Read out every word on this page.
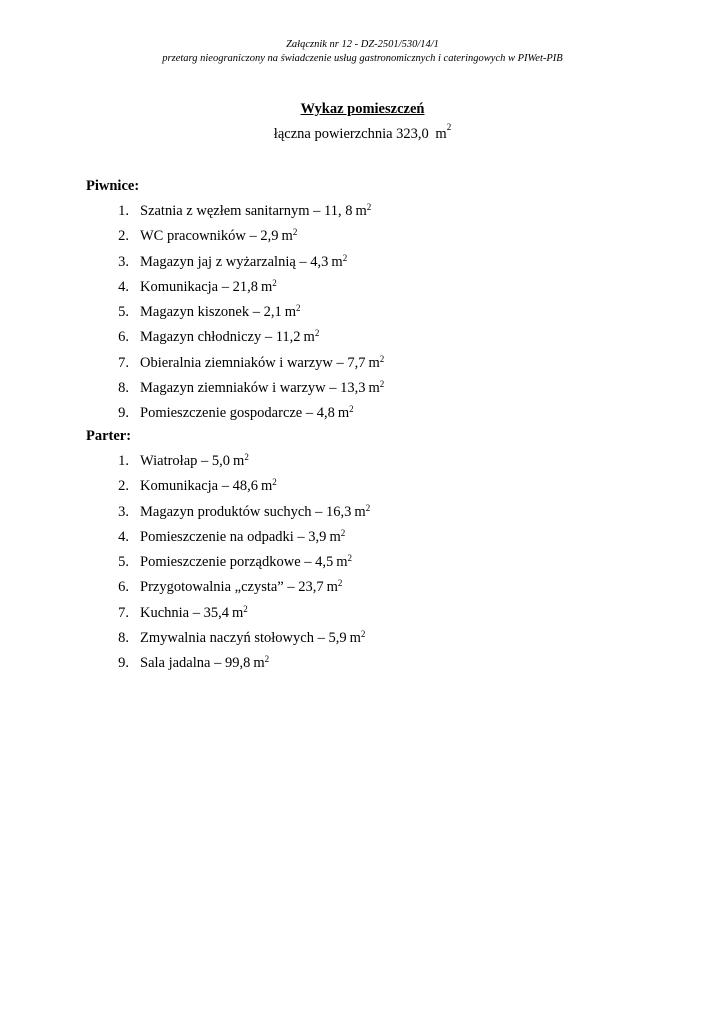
Załącznik nr 12 - DZ-2501/530/14/1
przetarg nieograniczony na świadczenie usług gastronomicznych i cateringowych w PIWet-PIB
Wykaz pomieszczeń
łączna powierzchnia 323,0 $m^2$
Piwnice:
1. Szatnia z węzłem sanitarnym – 11, 8 $m^2$
2. WC pracowników – 2,9 $m^2$
3. Magazyn jaj z wyżarzalnią – 4,3 $m^2$
4. Komunikacja – 21,8 $m^2$
5. Magazyn kiszonek – 2,1 $m^2$
6. Magazyn chłodniczy – 11,2 $m^2$
7. Obieralnia ziemniaków i warzyw – 7,7 $m^2$
8. Magazyn ziemniaków i warzyw – 13,3 $m^2$
9. Pomieszczenie gospodarcze – 4,8 $m^2$
Parter:
1. Wiatrołap – 5,0 $m^2$
2. Komunikacja – 48,6 $m^2$
3. Magazyn produktów suchych – 16,3 $m^2$
4. Pomieszczenie na odpadki – 3,9 $m^2$
5. Pomieszczenie porządkowe – 4,5 $m^2$
6. Przygotowalnia „czysta” – 23,7 $m^2$
7. Kuchnia – 35,4 $m^2$
8. Zmywalnia naczyń stołowych – 5,9 $m^2$
9. Sala jadalna – 99,8 $m^2$
